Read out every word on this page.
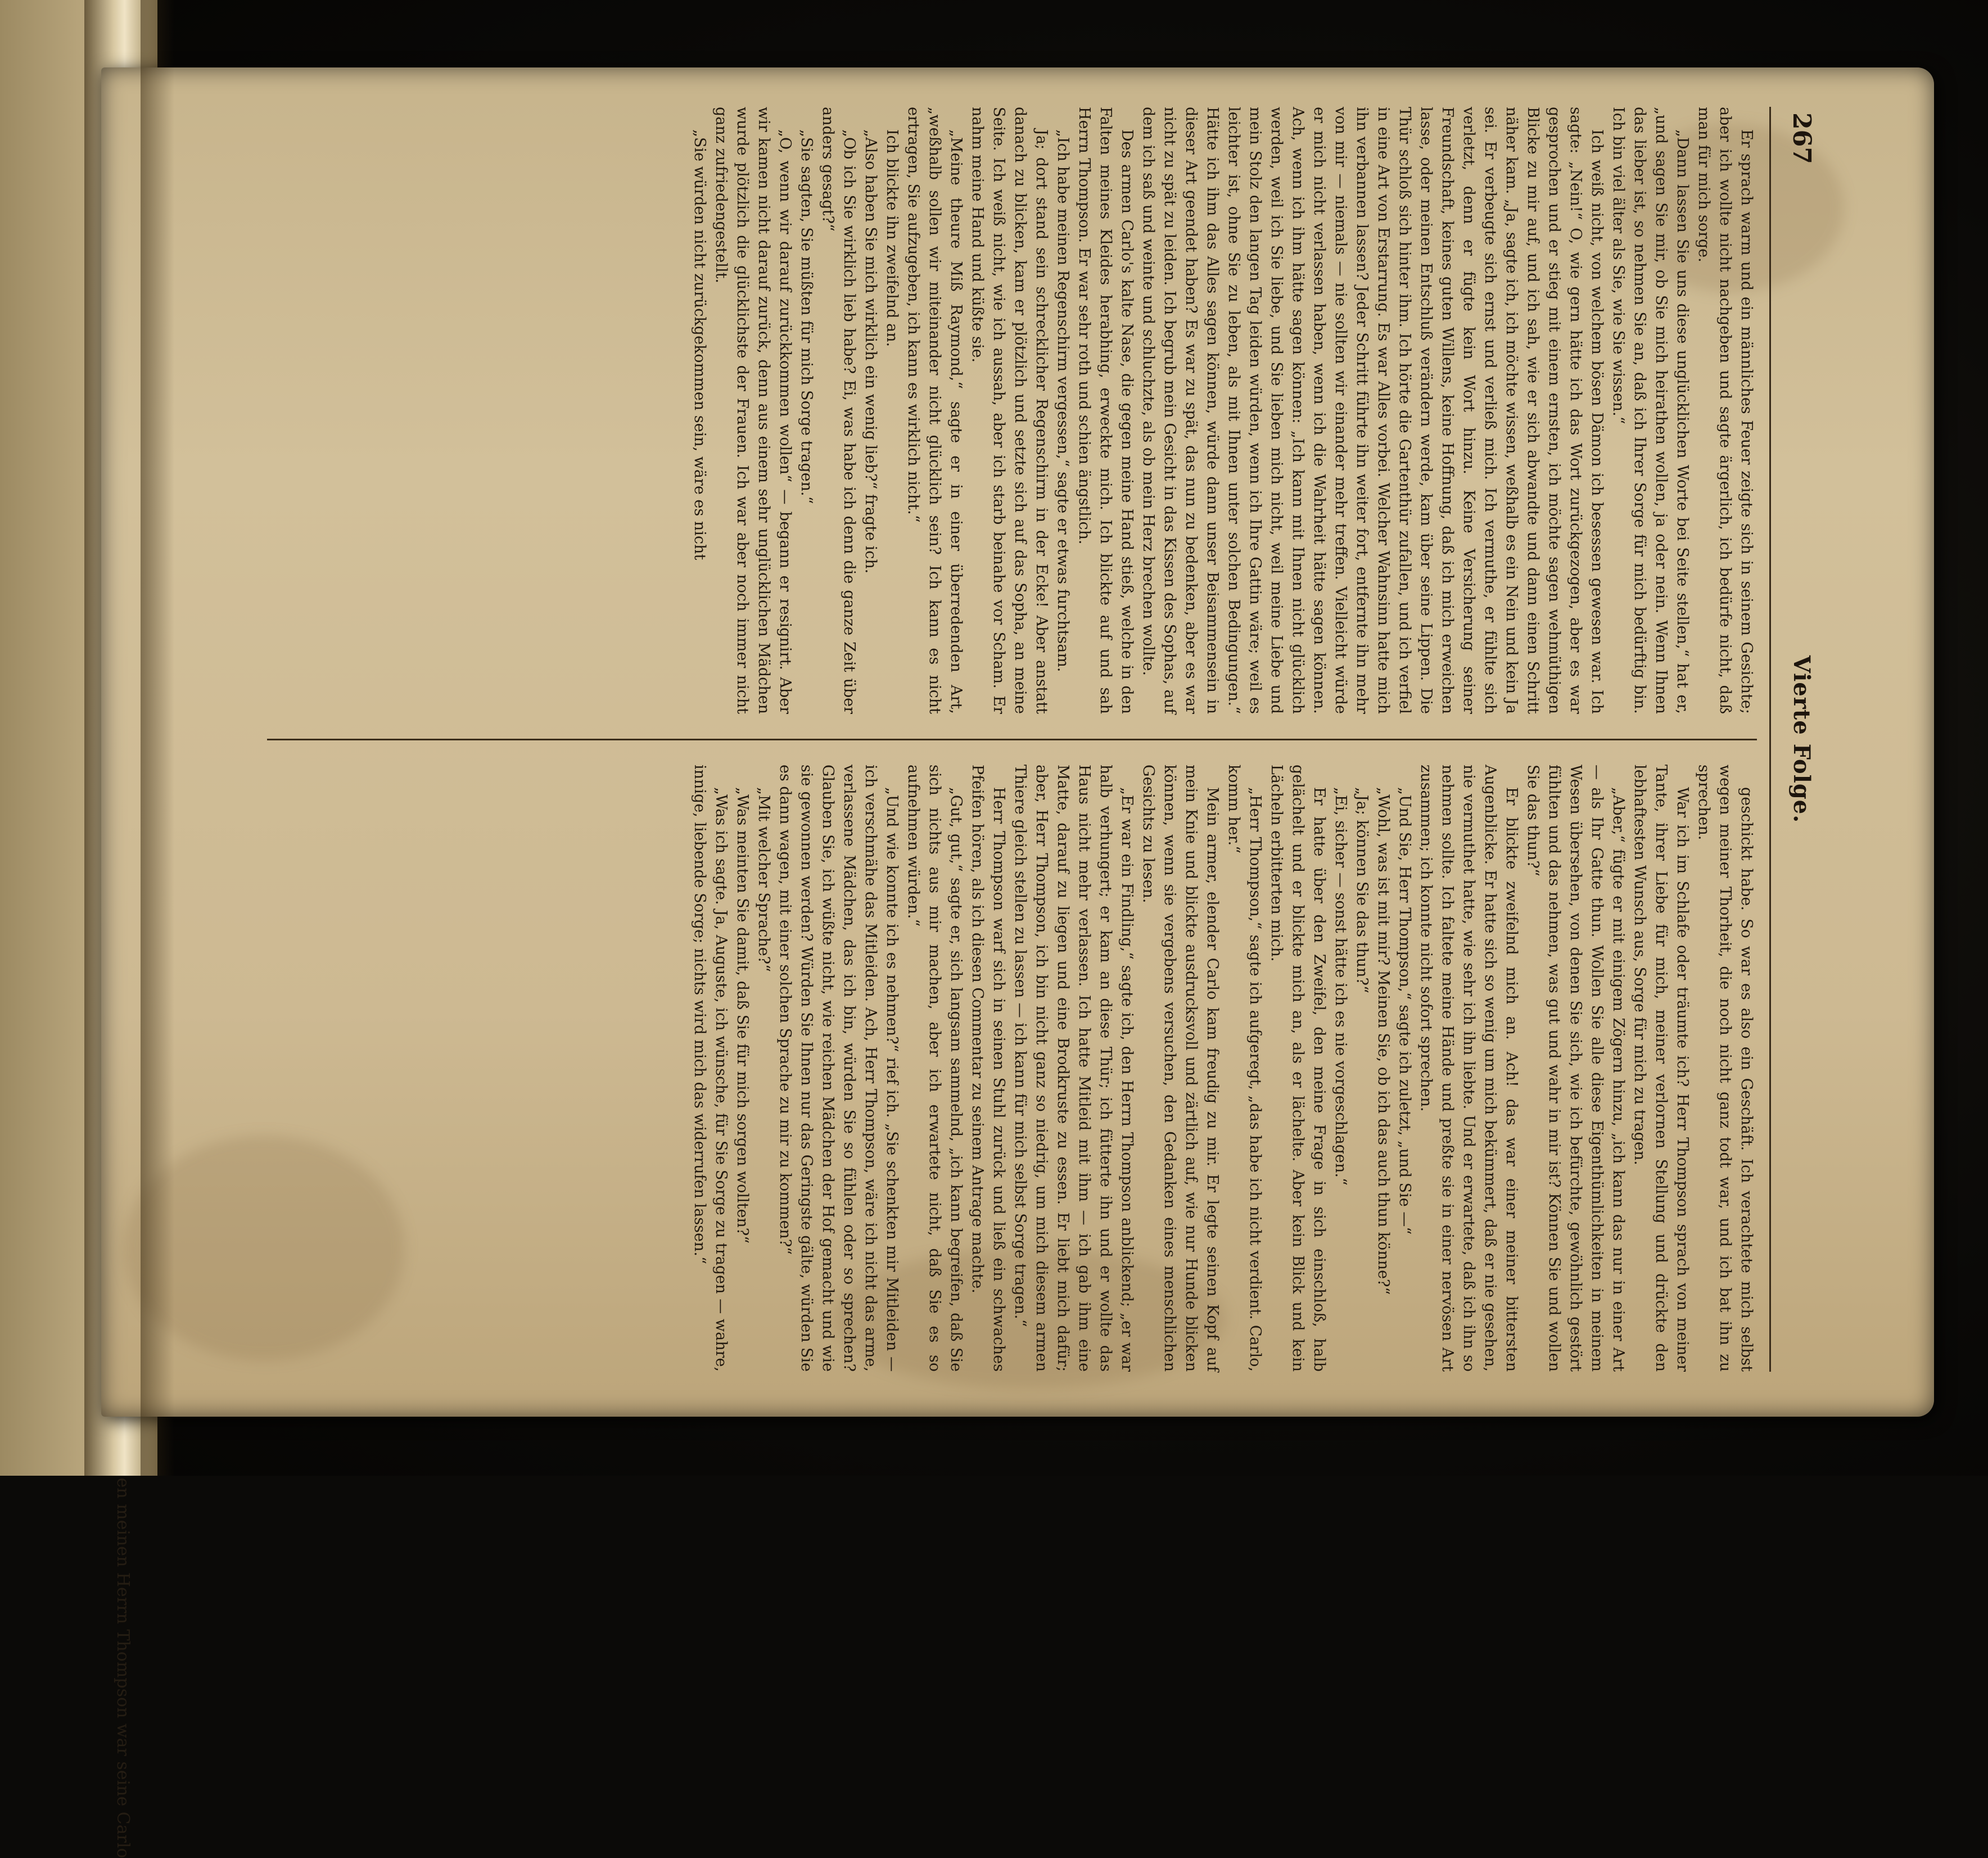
en meinen Herrn Thompson war seine Carlo
267
Vierte Folge.

Er sprach warm und ein männliches Feuer zeigte sich in seinem Gesichte; aber ich wollte nicht nachgeben und sagte ärgerlich, ich bedürfe nicht, daß man für mich sorge.

„Dann lassen Sie uns diese unglücklichen Worte bei Seite stellen,“ hat er, „und sagen Sie mir, ob Sie mich heirathen wollen, ja oder nein. Wenn Ihnen das lieber ist, so nehmen Sie an, daß ich Ihrer Sorge für mich bedürftig bin. Ich bin viel älter als Sie, wie Sie wissen.“

Ich weiß nicht, von welchem bösen Dämon ich besessen gewesen war. Ich sagte: „Nein!“ O, wie gern hätte ich das Wort zurückgezogen, aber es war gesprochen und er stieg mit einem ernsten, ich möchte sagen wehmüthigen Blicke zu mir auf, und ich sah, wie er sich abwandte und dann einen Schritt näher kam. „Ja, sagte ich, ich möchte wissen, weßhalb es ein Nein und kein Ja sei. Er verbeugte sich ernst und verließ mich. Ich vermuthe, er fühlte sich verletzt, denn er fügte kein Wort hinzu. Keine Versicherung seiner Freundschaft, keines guten Willens, keine Hoffnung, daß ich mich erweichen lasse, oder meinen Entschluß verändern werde, kam über seine Lippen. Die Thür schloß sich hinter ihm. Ich hörte die Gartenthür zufallen, und ich verfiel in eine Art von Erstarrung. Es war Alles vorbei. Welcher Wahnsinn hatte mich ihn verbannen lassen? Jeder Schritt führte ihn weiter fort, entfernte ihn mehr von mir — niemals — nie sollten wir einander mehr treffen. Vielleicht würde er mich nicht verlassen haben, wenn ich die Wahrheit hätte sagen können. Ach, wenn ich ihm hätte sagen können: „Ich kann mit Ihnen nicht glücklich werden, weil ich Sie liebe, und Sie lieben mich nicht, weil meine Liebe und mein Stolz den langen Tag leiden würden, wenn ich Ihre Gattin wäre; weil es leichter ist, ohne Sie zu leben, als mit Ihnen unter solchen Bedingungen.“ Hätte ich ihm das Alles sagen können, würde dann unser Beisammensein in dieser Art geendet haben? Es war zu spät, das nun zu bedenken, aber es war nicht zu spät zu leiden. Ich begrub mein Gesicht in das Kissen des Sophas, auf dem ich saß und weinte und schluchzte, als ob mein Herz brechen wollte.

Des armen Carlo's kalte Nase, die gegen meine Hand stieß, welche in den Falten meines Kleides herabhing, erweckte mich. Ich blickte auf und sah Herrn Thompson. Er war sehr roth und schien ängstlich.

„Ich habe meinen Regenschirm vergessen,“ sagte er etwas furchtsam.

Ja; dort stand sein schrecklicher Regenschirm in der Ecke! Aber anstatt danach zu blicken, kam er plötzlich und setzte sich auf das Sopha, an meine Seite. Ich weiß nicht, wie ich aussah, aber ich starb beinahe vor Scham. Er nahm meine Hand und küßte sie.

„Meine theure Miß Raymond,“ sagte er in einer überredenden Art, „weßhalb sollen wir miteinander nicht glücklich sein? Ich kann es nicht ertragen, Sie aufzugeben, ich kann es wirklich nicht.“

Ich blickte ihn zweifelnd an.

„Also haben Sie mich wirklich ein wenig lieb?“ fragte ich.

„Ob ich Sie wirklich lieb habe? Ei, was habe ich denn die ganze Zeit über anders gesagt?“

„Sie sagten, Sie müßten für mich Sorge tragen.“

„O, wenn wir darauf zurückkommen wollen“ — begann er resignirt. Aber wir kamen nicht darauf zurück, denn aus einem sehr unglücklichen Mädchen wurde plötzlich die glücklichste der Frauen. Ich war aber noch immer nicht ganz zufriedengestellt.

„Sie würden nicht zurückgekommen sein, wäre es nicht

geschickt habe. So war es also ein Geschäft. Ich verachtete mich selbst wegen meiner Thorheit, die noch nicht ganz todt war, und ich bat ihn zu sprechen.

War ich im Schlafe oder träumte ich? Herr Thompson sprach von meiner Tante, ihrer Liebe für mich, meiner verlornen Stellung und drückte den lebhaftesten Wunsch aus, Sorge für mich zu tragen.

„Aber,“ fügte er mit einigem Zögern hinzu, „ich kann das nur in einer Art — als Ihr Gatte thun. Wollen Sie alle diese Eigenthümlichkeiten in meinem Wesen übersehen, von denen Sie sich, wie ich befürchte, gewöhnlich gestört fühlten und das nehmen, was gut und wahr in mir ist? Können Sie und wollen Sie das thun?“

Er blickte zweifelnd mich an. Ach! das war einer meiner bittersten Augenblicke. Er hatte sich so wenig um mich bekümmert, daß er nie gesehen, nie vermuthet hatte, wie sehr ich ihn liebte. Und er erwartete, daß ich ihn so nehmen sollte. Ich faltete meine Hände und preßte sie in einer nervösen Art zusammen; ich konnte nicht sofort sprechen.

„Und Sie, Herr Thompson,“ sagte ich zuletzt, „und Sie —“

„Wohl, was ist mit mir? Meinen Sie, ob ich das auch thun könne?“

„Ja; können Sie das thun?“

„Ei, sicher — sonst hätte ich es nie vorgeschlagen.“

Er hatte über den Zweifel, den meine Frage in sich einschloß, halb gelächelt und er blickte mich an, als er lächelte. Aber kein Blick und kein Lächeln erbitterten mich.

„Herr Thompson,“ sagte ich aufgeregt, „das habe ich nicht verdient. Carlo, komm her.“

Mein armer, elender Carlo kam freudig zu mir. Er legte seinen Kopf auf mein Knie und blickte ausdrucksvoll und zärtlich auf, wie nur Hunde blicken können, wenn sie vergebens versuchen, den Gedanken eines menschlichen Gesichts zu lesen.

„Er war ein Findling,“ sagte ich, den Herrn Thompson anblickend; „er war halb verhungert; er kam an diese Thür; ich fütterte ihn und er wollte das Haus nicht mehr verlassen. Ich hatte Mitleid mit ihm — ich gab ihm eine Matte, darauf zu liegen und eine Brodkruste zu essen. Er liebt mich dafür; aber, Herr Thompson, ich bin nicht ganz so niedrig, um mich diesem armen Thiere gleich stellen zu lassen — ich kann für mich selbst Sorge tragen.“

Herr Thompson warf sich in seinen Stuhl zurück und ließ ein schwaches Pfeifen hören, als ich diesen Commentar zu seinem Antrage machte.

„Gut, gut,“ sagte er, sich langsam sammelnd, „ich kann begreifen, daß Sie sich nichts aus mir machen, aber ich erwartete nicht, daß Sie es so aufnehmen würden.“

„Und wie konnte ich es nehmen?“ rief ich. „Sie schenkten mir Mitleiden — ich verschmähe das Mitleiden. Ach, Herr Thompson, wäre ich nicht das arme, verlassene Mädchen, das ich bin, würden Sie so fühlen oder so sprechen? Glauben Sie, ich wüßte nicht, wie reichen Mädchen der Hof gemacht und wie sie gewonnen werden? Würden Sie Ihnen nur das Geringste gälte, würden Sie es dann wagen, mit einer solchen Sprache zu mir zu kommen?“

„Mit welcher Sprache?“

„Was meinten Sie damit, daß Sie für mich sorgen wollten?“

„Was ich sagte. Ja, Auguste, ich wünsche, für Sie Sorge zu tragen — wahre, innige, liebende Sorge; nichts wird mich das widerrufen lassen.“
